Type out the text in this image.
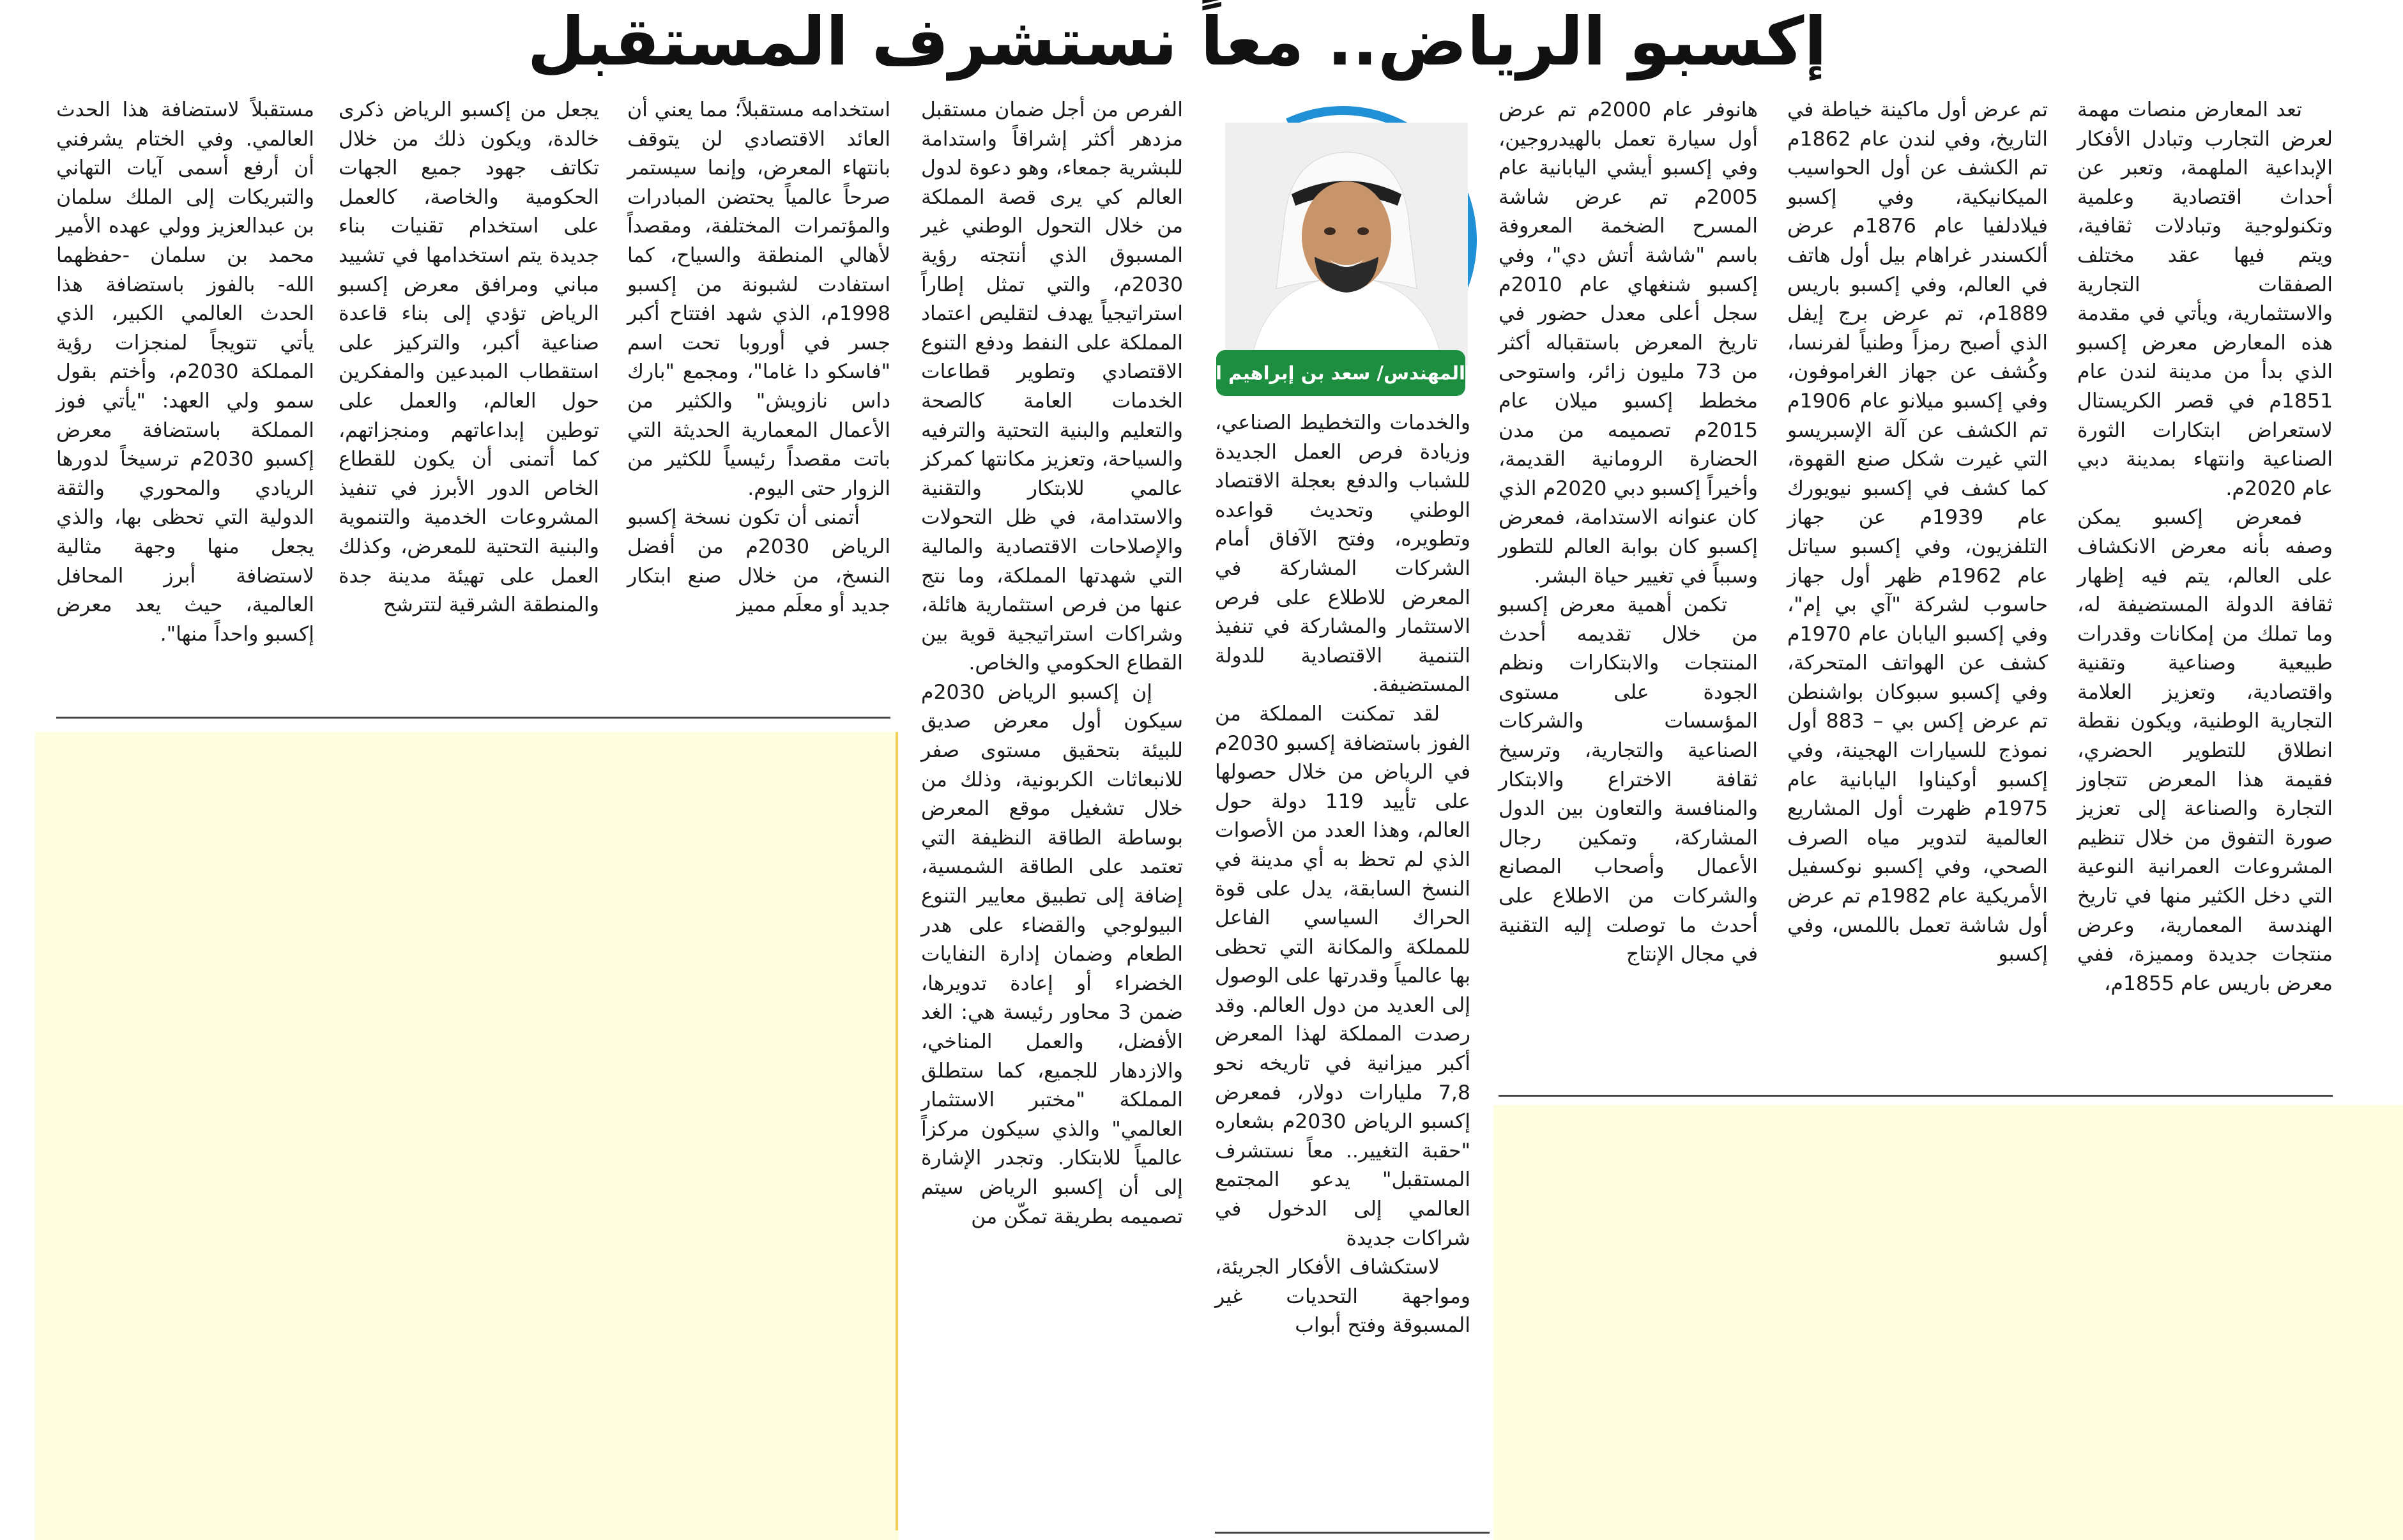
إكسبو الرياض.. معاً نستشرف المستقبل

تعد المعارض منصات مهمة لعرض التجارب وتبادل الأفكار الإبداعية الملهمة، وتعبر عن أحداث اقتصادية وعلمية وتكنولوجية وتبادلات ثقافية، ويتم فيها عقد مختلف الصفقات التجارية والاستثمارية، ويأتي في مقدمة هذه المعارض معرض إكسبو الذي بدأ من مدينة لندن عام 1851م في قصر الكريستال لاستعراض ابتكارات الثورة الصناعية وانتهاء بمدينة دبي عام 2020م.

فمعرض إكسبو يمكن وصفه بأنه معرض الانكشاف على العالم، يتم فيه إظهار ثقافة الدولة المستضيفة له، وما تملك من إمكانات وقدرات طبيعية وصناعية وتقنية واقتصادية، وتعزيز العلامة التجارية الوطنية، ويكون نقطة انطلاق للتطوير الحضري، فقيمة هذا المعرض تتجاوز التجارة والصناعة إلى تعزيز صورة التفوق من خلال تنظيم المشروعات العمرانية النوعية التي دخل الكثير منها في تاريخ الهندسة المعمارية، وعرض منتجات جديدة ومميزة، ففي معرض باريس عام 1855م،

تم عرض أول ماكينة خياطة في التاريخ، وفي لندن عام 1862م تم الكشف عن أول الحواسيب الميكانيكية، وفي إكسبو فيلادلفيا عام 1876م عرض ألكسندر غراهام بيل أول هاتف في العالم، وفي إكسبو باريس 1889م، تم عرض برج إيفل الذي أصبح رمزاً وطنياً لفرنسا، وكُشف عن جهاز الغراموفون، وفي إكسبو ميلانو عام 1906م تم الكشف عن آلة الإسبريسو التي غيرت شكل صنع القهوة، كما كشف في إكسبو نيويورك عام 1939م عن جهاز التلفزيون، وفي إكسبو سياتل عام 1962م ظهر أول جهاز حاسوب لشركة "آي بي إم"، وفي إكسبو اليابان عام 1970م كشف عن الهواتف المتحركة، وفي إكسبو سبوكان بواشنطن تم عرض إكس بي – 883 أول نموذج للسيارات الهجينة، وفي إكسبو أوكيناوا اليابانية عام 1975م ظهرت أول المشاريع العالمية لتدوير مياه الصرف الصحي، وفي إكسبو نوكسفيل الأمريكية عام 1982م تم عرض أول شاشة تعمل باللمس، وفي إكسبو

هانوفر عام 2000م تم عرض أول سيارة تعمل بالهيدروجين، وفي إكسبو أيشي اليابانية عام 2005م تم عرض شاشة المسرح الضخمة المعروفة باسم "شاشة أتش دي"، وفي إكسبو شنغهاي عام 2010م سجل أعلى معدل حضور في تاريخ المعرض باستقباله أكثر من 73 مليون زائر، واستوحى مخطط إكسبو ميلان عام 2015م تصميمه من مدن الحضارة الرومانية القديمة، وأخيراً إكسبو دبي 2020م الذي كان عنوانه الاستدامة، فمعرض إكسبو كان بوابة العالم للتطور وسبباً في تغيير حياة البشر.

تكمن أهمية معرض إكسبو من خلال تقديمه أحدث المنتجات والابتكارات ونظم الجودة على مستوى المؤسسات والشركات الصناعية والتجارية، وترسيخ ثقافة الاختراع والابتكار والمنافسة والتعاون بين الدول المشاركة، وتمكين رجال الأعمال وأصحاب المصانع والشركات من الاطلاع على أحدث ما توصلت إليه التقنية في مجال الإنتاج

المهندس/ سعد بن إبراهيم المعجل

والخدمات والتخطيط الصناعي، وزيادة فرص العمل الجديدة للشباب والدفع بعجلة الاقتصاد الوطني وتحديث قواعده وتطويره، وفتح الآفاق أمام الشركات المشاركة في المعرض للاطلاع على فرص الاستثمار والمشاركة في تنفيذ التنمية الاقتصادية للدولة المستضيفة.

لقد تمكنت المملكة من الفوز باستضافة إكسبو 2030م في الرياض من خلال حصولها على تأييد 119 دولة حول العالم، وهذا العدد من الأصوات الذي لم تحظ به أي مدينة في النسخ السابقة، يدل على قوة الحراك السياسي الفاعل للمملكة والمكانة التي تحظى بها عالمياً وقدرتها على الوصول إلى العديد من دول العالم. وقد رصدت المملكة لهذا المعرض أكبر ميزانية في تاريخه نحو 7,8 مليارات دولار، فمعرض إكسبو الرياض 2030م بشعاره "حقبة التغيير.. معاً نستشرف المستقبل" يدعو المجتمع العالمي إلى الدخول في شراكات جديدة

لاستكشاف الأفكار الجريئة، ومواجهة التحديات غير المسبوقة وفتح أبواب

الفرص من أجل ضمان مستقبل مزدهر أكثر إشراقاً واستدامة للبشرية جمعاء، وهو دعوة لدول العالم كي يرى قصة المملكة من خلال التحول الوطني غير المسبوق الذي أنتجته رؤية 2030م، والتي تمثل إطاراً استراتيجياً يهدف لتقليص اعتماد المملكة على النفط ودفع التنوع الاقتصادي وتطوير قطاعات الخدمات العامة كالصحة والتعليم والبنية التحتية والترفيه والسياحة، وتعزيز مكانتها كمركز عالمي للابتكار والتقنية والاستدامة، في ظل التحولات والإصلاحات الاقتصادية والمالية التي شهدتها المملكة، وما نتج عنها من فرص استثمارية هائلة، وشراكات استراتيجية قوية بين القطاع الحكومي والخاص.

إن إكسبو الرياض 2030م سيكون أول معرض صديق للبيئة بتحقيق مستوى صفر للانبعاثات الكربونية، وذلك من خلال تشغيل موقع المعرض بوساطة الطاقة النظيفة التي تعتمد على الطاقة الشمسية، إضافة إلى تطبيق معايير التنوع البيولوجي والقضاء على هدر الطعام وضمان إدارة النفايات الخضراء أو إعادة تدويرها، ضمن 3 محاور رئيسة هي: الغد الأفضل، والعمل المناخي، والازدهار للجميع، كما ستطلق المملكة "مختبر الاستثمار العالمي" والذي سيكون مركزاً عالمياً للابتكار. وتجدر الإشارة إلى أن إكسبو الرياض سيتم تصميمه بطريقة تمكّن من

استخدامه مستقبلاً؛ مما يعني أن العائد الاقتصادي لن يتوقف بانتهاء المعرض، وإنما سيستمر صرحاً عالمياً يحتضن المبادرات والمؤتمرات المختلفة، ومقصداً لأهالي المنطقة والسياح، كما استفادت لشبونة من إكسبو 1998م، الذي شهد افتتاح أكبر جسر في أوروبا تحت اسم "فاسكو دا غاما"، ومجمع "بارك داس نازويش" والكثير من الأعمال المعمارية الحديثة التي باتت مقصداً رئيسياً للكثير من الزوار حتى اليوم.

أتمنى أن تكون نسخة إكسبو الرياض 2030م من أفضل النسخ، من خلال صنع ابتكار جديد أو معلَم مميز

يجعل من إكسبو الرياض ذكرى خالدة، ويكون ذلك من خلال تكاتف جهود جميع الجهات الحكومية والخاصة، كالعمل على استخدام تقنيات بناء جديدة يتم استخدامها في تشييد مباني ومرافق معرض إكسبو الرياض تؤدي إلى بناء قاعدة صناعية أكبر، والتركيز على استقطاب المبدعين والمفكرين حول العالم، والعمل على توطين إبداعاتهم ومنجزاتهم، كما أتمنى أن يكون للقطاع الخاص الدور الأبرز في تنفيذ المشروعات الخدمية والتنموية والبنية التحتية للمعرض، وكذلك العمل على تهيئة مدينة جدة والمنطقة الشرقية لتترشح

مستقبلاً لاستضافة هذا الحدث العالمي. وفي الختام يشرفني أن أرفع أسمى آيات التهاني والتبريكات إلى الملك سلمان بن عبدالعزيز وولي عهده الأمير محمد بن سلمان -حفظهما الله- بالفوز باستضافة هذا الحدث العالمي الكبير، الذي يأتي تتويجاً لمنجزات رؤية المملكة 2030م، وأختم بقول سمو ولي العهد: "يأتي فوز المملكة باستضافة معرض إكسبو 2030م ترسيخاً لدورها الريادي والمحوري والثقة الدولية التي تحظى بها، والذي يجعل منها وجهة مثالية لاستضافة أبرز المحافل العالمية، حيث يعد معرض إكسبو واحداً منها".
